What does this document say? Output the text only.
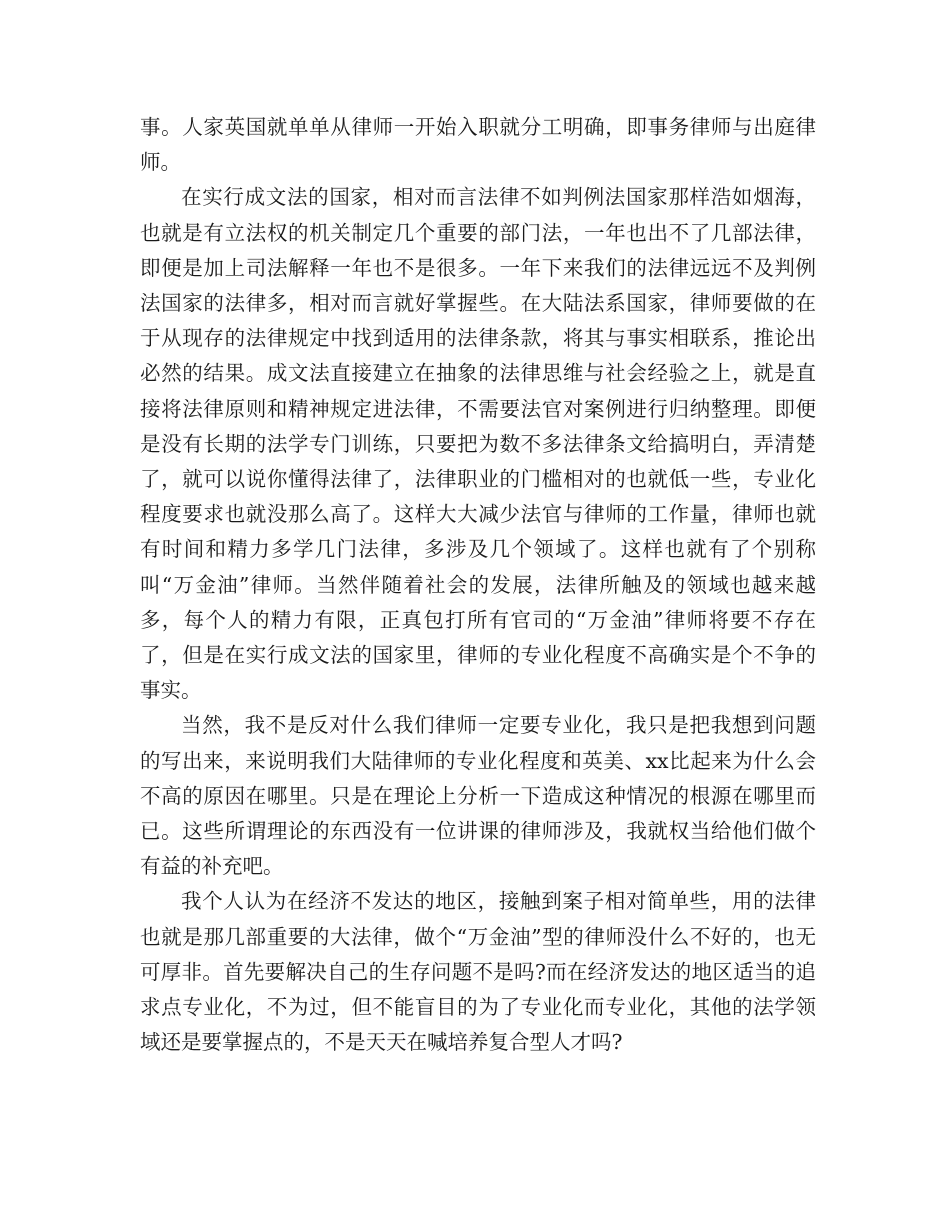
事。人家英国就单单从律师一开始入职就分工明确，即事务律师与出庭律师。

在实行成文法的国家，相对而言法律不如判例法国家那样浩如烟海，也就是有立法权的机关制定几个重要的部门法，一年也出不了几部法律，即便是加上司法解释一年也不是很多。一年下来我们的法律远远不及判例法国家的法律多，相对而言就好掌握些。在大陆法系国家，律师要做的在于从现存的法律规定中找到适用的法律条款，将其与事实相联系，推论出必然的结果。成文法直接建立在抽象的法律思维与社会经验之上，就是直接将法律原则和精神规定进法律，不需要法官对案例进行归纳整理。即便是没有长期的法学专门训练，只要把为数不多法律条文给搞明白，弄清楚了，就可以说你懂得法律了，法律职业的门槛相对的也就低一些，专业化程度要求也就没那么高了。这样大大减少法官与律师的工作量，律师也就有时间和精力多学几门法律，多涉及几个领域了。这样也就有了个别称叫“万金油”律师。当然伴随着社会的发展，法律所触及的领域也越来越多，每个人的精力有限，正真包打所有官司的“万金油”律师将要不存在了，但是在实行成文法的国家里，律师的专业化程度不高确实是个不争的事实。

当然，我不是反对什么我们律师一定要专业化，我只是把我想到问题的写出来，来说明我们大陆律师的专业化程度和英美、xx比起来为什么会不高的原因在哪里。只是在理论上分析一下造成这种情况的根源在哪里而已。这些所谓理论的东西没有一位讲课的律师涉及，我就权当给他们做个有益的补充吧。

我个人认为在经济不发达的地区，接触到案子相对简单些，用的法律也就是那几部重要的大法律，做个“万金油”型的律师没什么不好的，也无可厚非。首先要解决自己的生存问题不是吗?而在经济发达的地区适当的追求点专业化，不为过，但不能盲目的为了专业化而专业化，其他的法学领域还是要掌握点的，不是天天在喊培养复合型人才吗?
